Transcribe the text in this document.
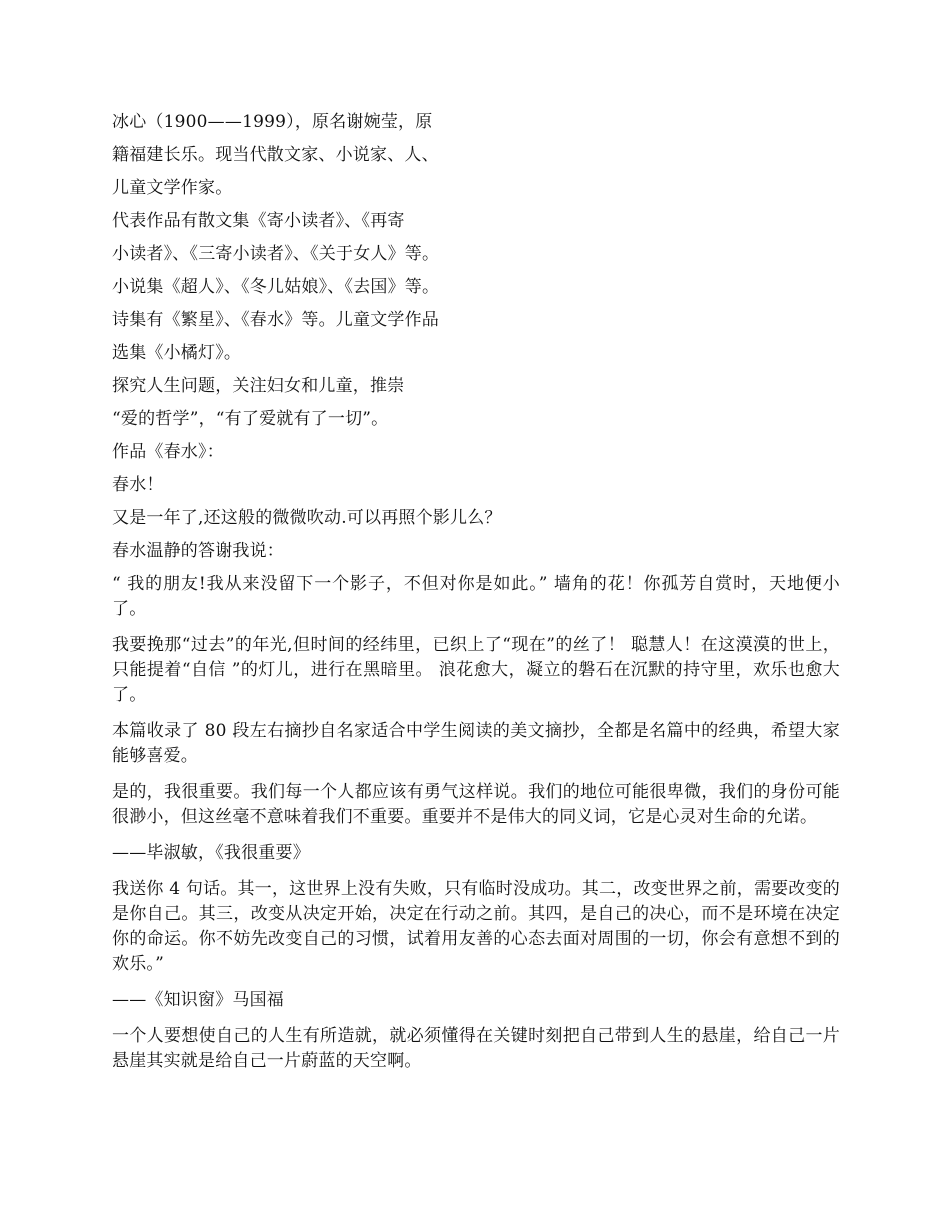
冰心（1900——1999），原名谢婉莹，原

籍福建长乐。现当代散文家、小说家、人、

儿童文学作家。

代表作品有散文集《寄小读者》、《再寄

小读者》、《三寄小读者》、《关于女人》等。

小说集《超人》、《冬儿姑娘》、《去国》等。

诗集有《繁星》、《春水》等。儿童文学作品

选集《小橘灯》。

探究人生问题，关注妇女和儿童，推崇

“爱的哲学”，“有了爱就有了一切”。

作品《春水》：

春水！

又是一年了,还这般的微微吹动.可以再照个影儿么？

春水温静的答谢我说：

“ 我的朋友!我从来没留下一个影子，不但对你是如此。” 墙角的花！你孤芳自赏时，天地便小了。

我要挽那“过去”的年光,但时间的经纬里，已织上了“现在”的丝了！ 聪慧人！在这漠漠的世上，只能提着“自信 ”的灯儿，进行在黑暗里。 浪花愈大，凝立的磐石在沉默的持守里，欢乐也愈大了。

本篇收录了 80 段左右摘抄自名家适合中学生阅读的美文摘抄，全都是名篇中的经典，希望大家能够喜爱。

是的，我很重要。我们每一个人都应该有勇气这样说。我们的地位可能很卑微，我们的身份可能很渺小，但这丝毫不意味着我们不重要。重要并不是伟大的同义词，它是心灵对生命的允诺。

——毕淑敏，《我很重要》

我送你 4 句话。其一，这世界上没有失败，只有临时没成功。其二，改变世界之前，需要改变的是你自己。其三，改变从决定开始，决定在行动之前。其四，是自己的决心，而不是环境在决定你的命运。你不妨先改变自己的习惯，试着用友善的心态去面对周围的一切，你会有意想不到的欢乐。”

——《知识窗》马国福

一个人要想使自己的人生有所造就，就必须懂得在关键时刻把自己带到人生的悬崖，给自己一片悬崖其实就是给自己一片蔚蓝的天空啊。
